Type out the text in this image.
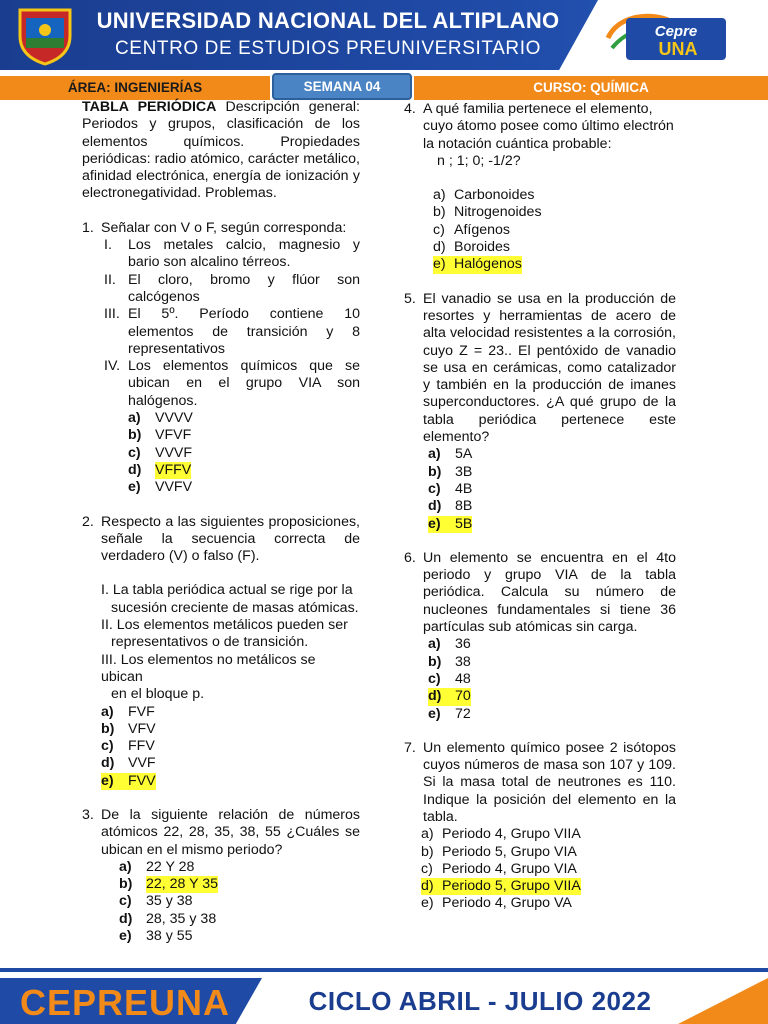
UNIVERSIDAD NACIONAL DEL ALTIPLANO
CENTRO DE ESTUDIOS PREUNIVERSITARIO
Cepre
UNA
ÁREA: INGENIERÍAS	CURSO: QUÍMICA
SEMANA 04
TABLA PERIÓDICA Descripción general: Periodos y grupos, clasificación de los elementos químicos. Propiedades periódicas: radio atómico, carácter metálico, afinidad electrónica, energía de ionización y electronegatividad. Problemas.
1. Señalar con V o F, según corresponda:
I.	Los metales calcio, magnesio y bario son alcalino térreos.
II. El cloro, bromo y flúor son calcógenos
III. El 5º. Período contiene 10 elementos de transición y 8 representativos
IV. Los elementos químicos que se ubican en el grupo VIA son halógenos.
a)	VVVV
b) VFVF
c)	VVVF
d) VFFV
e)	VVFV
2. Respecto a las siguientes proposiciones, señale la secuencia correcta de verdadero (V) o falso (F).
I. La tabla periódica actual se rige por la
sucesión creciente de masas atómicas.
II. Los elementos metálicos pueden ser
representativos o de transición.
III. Los elementos no metálicos se ubican
en el bloque p.
a)	FVF
b) VFV
c)	FFV
d) VVF
e)	FVV
3. De la siguiente relación de números atómicos 22, 28, 35, 38, 55 ¿Cuáles se ubican en el mismo periodo?
a)	22 Y 28
b) 22, 28 Y 35
c)	35 y 38
d) 28, 35 y 38
e)	38 y 55
4. A qué familia pertenece el elemento, cuyo átomo posee como último electrón la notación cuántica probable:
n ; 1; 0; -1/2?
a) Carbonoides
b) Nitrogenoides
c) Afígenos
d) Boroides
e) Halógenos
5. El vanadio se usa en la producción de resortes y herramientas de acero de alta velocidad resistentes a la corrosión, cuyo Z = 23.. El pentóxido de vanadio se usa en cerámicas, como catalizador y también en la producción de imanes superconductores. ¿A qué grupo de la tabla periódica pertenece este elemento?
a)	5A
b) 3B
c)	4B
d) 8B
e)	5B
6. Un elemento se encuentra en el 4to periodo y grupo VIA de la tabla periódica. Calcula su número de nucleones fundamentales si tiene 36 partículas sub atómicas sin carga.
a)	36
b) 38
c)	48
d) 70
e)	72
7. Un elemento químico posee 2 isótopos cuyos números de masa son 107 y 109. Si la masa total de neutrones es 110. Indique la posición del elemento en la tabla.
a) Periodo 4, Grupo VIIA
b) Periodo 5, Grupo VIA
c) Periodo 4, Grupo VIA
d) Periodo 5, Grupo VIIA
e) Periodo 4, Grupo VA
CEPREUNA	CICLO ABRIL - JULIO 2022
